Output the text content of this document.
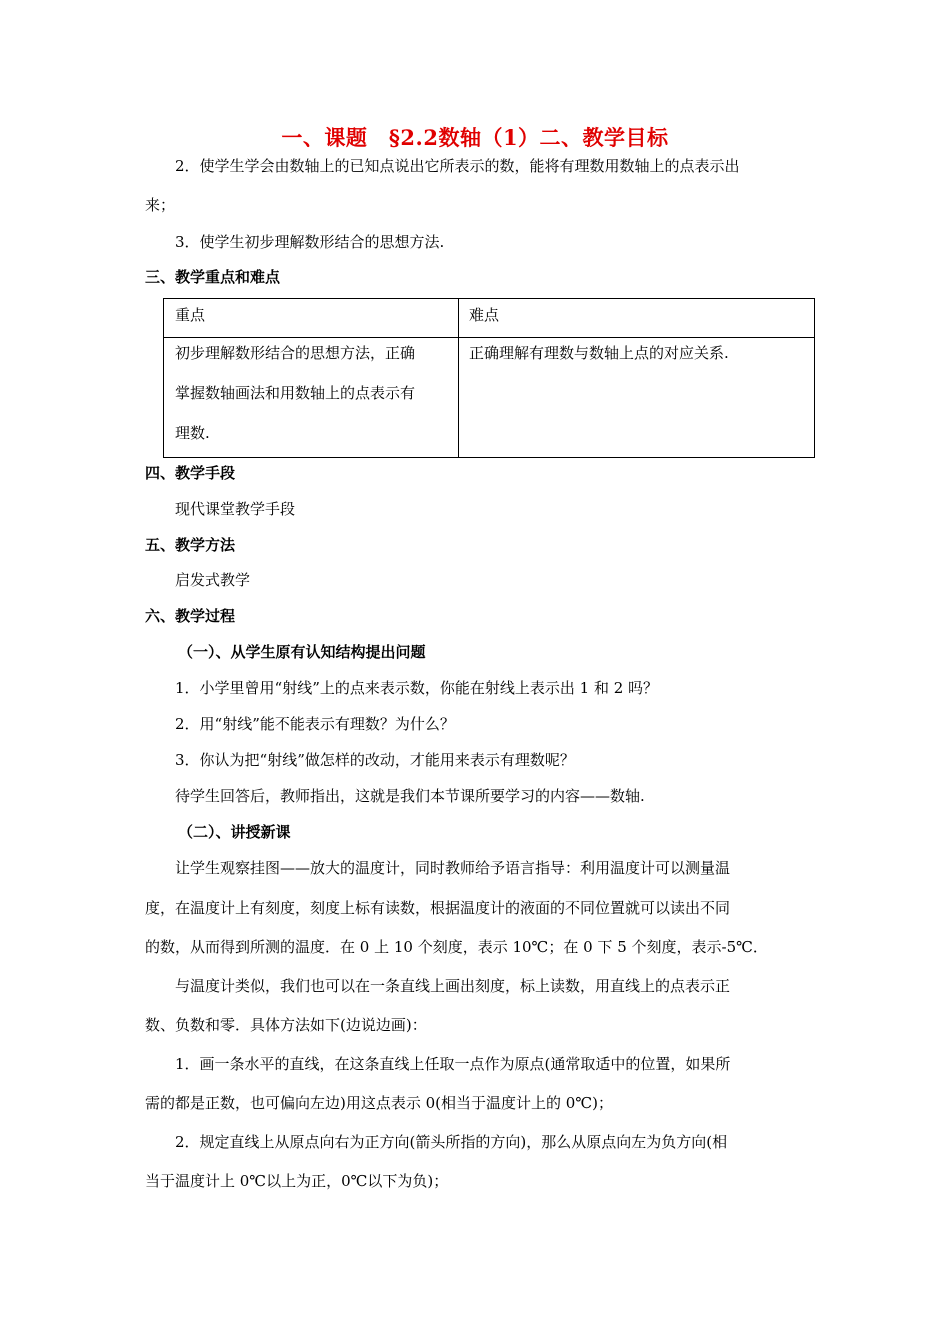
一、课题　§2.2数轴（1）二、教学目标
2．使学生学会由数轴上的已知点说出它所表示的数，能将有理数用数轴上的点表示出
来；
3．使学生初步理解数形结合的思想方法.
三、教学重点和难点
重点	难点
初步理解数形结合的思想方法，正确
掌握数轴画法和用数轴上的点表示有
理数.
正确理解有理数与数轴上点的对应关系.
四、教学手段
现代课堂教学手段
五、教学方法
启发式教学
六、教学过程
（一）、从学生原有认知结构提出问题
1．小学里曾用“射线”上的点来表示数，你能在射线上表示出 1 和 2 吗？
2．用“射线”能不能表示有理数？为什么？
3．你认为把“射线”做怎样的改动，才能用来表示有理数呢？
待学生回答后，教师指出，这就是我们本节课所要学习的内容——数轴.
（二）、讲授新课
让学生观察挂图——放大的温度计，同时教师给予语言指导：利用温度计可以测量温
度，在温度计上有刻度，刻度上标有读数，根据温度计的液面的不同位置就可以读出不同
的数，从而得到所测的温度．在 0 上 10 个刻度，表示 10℃；在 0 下 5 个刻度，表示-5℃．
与温度计类似，我们也可以在一条直线上画出刻度，标上读数，用直线上的点表示正
数、负数和零．具体方法如下(边说边画)：
1．画一条水平的直线，在这条直线上任取一点作为原点(通常取适中的位置，如果所
需的都是正数，也可偏向左边)用这点表示 0(相当于温度计上的 0℃)；
2．规定直线上从原点向右为正方向(箭头所指的方向)，那么从原点向左为负方向(相
当于温度计上 0℃以上为正，0℃以下为负)；
